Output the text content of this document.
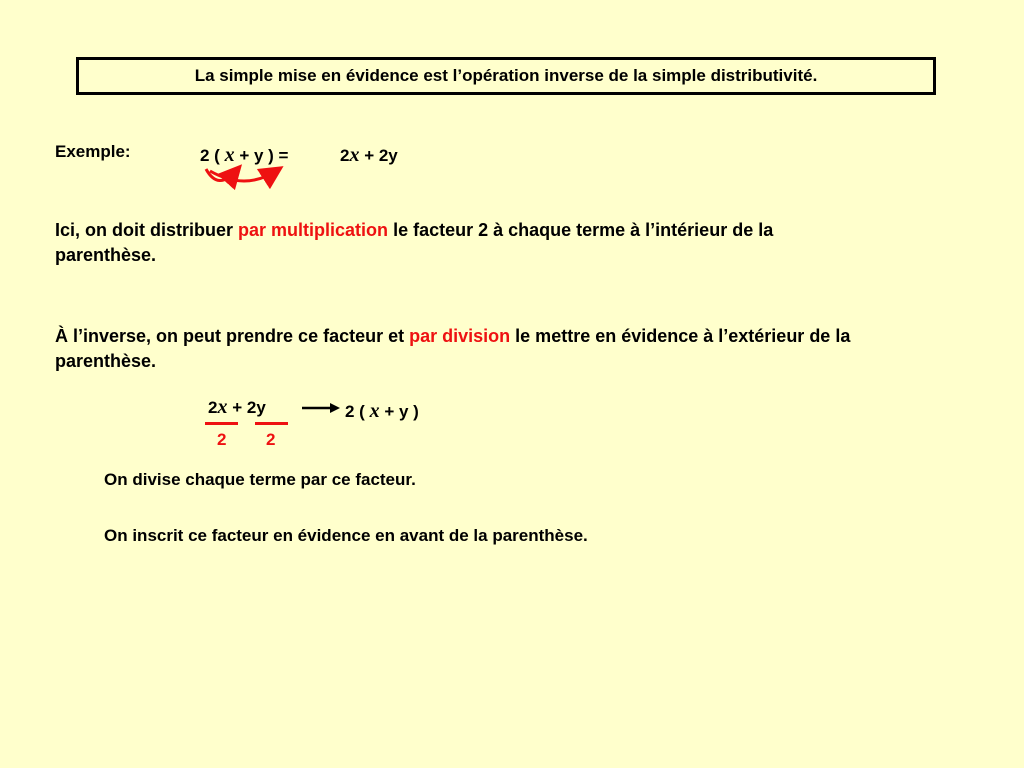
La simple mise en évidence est l’opération inverse de la simple distributivité.
Exemple:	2 ( x + y ) =	2x + 2y
Ici, on doit distribuer par multiplication le facteur 2 à chaque terme à l’intérieur de la parenthèse.
À l’inverse, on peut prendre ce facteur et par division le mettre en évidence à l’extérieur de la parenthèse.
2x + 2y
2 2
2 ( x + y )
On divise chaque terme par ce facteur.
On inscrit ce facteur en évidence en avant de la parenthèse.
